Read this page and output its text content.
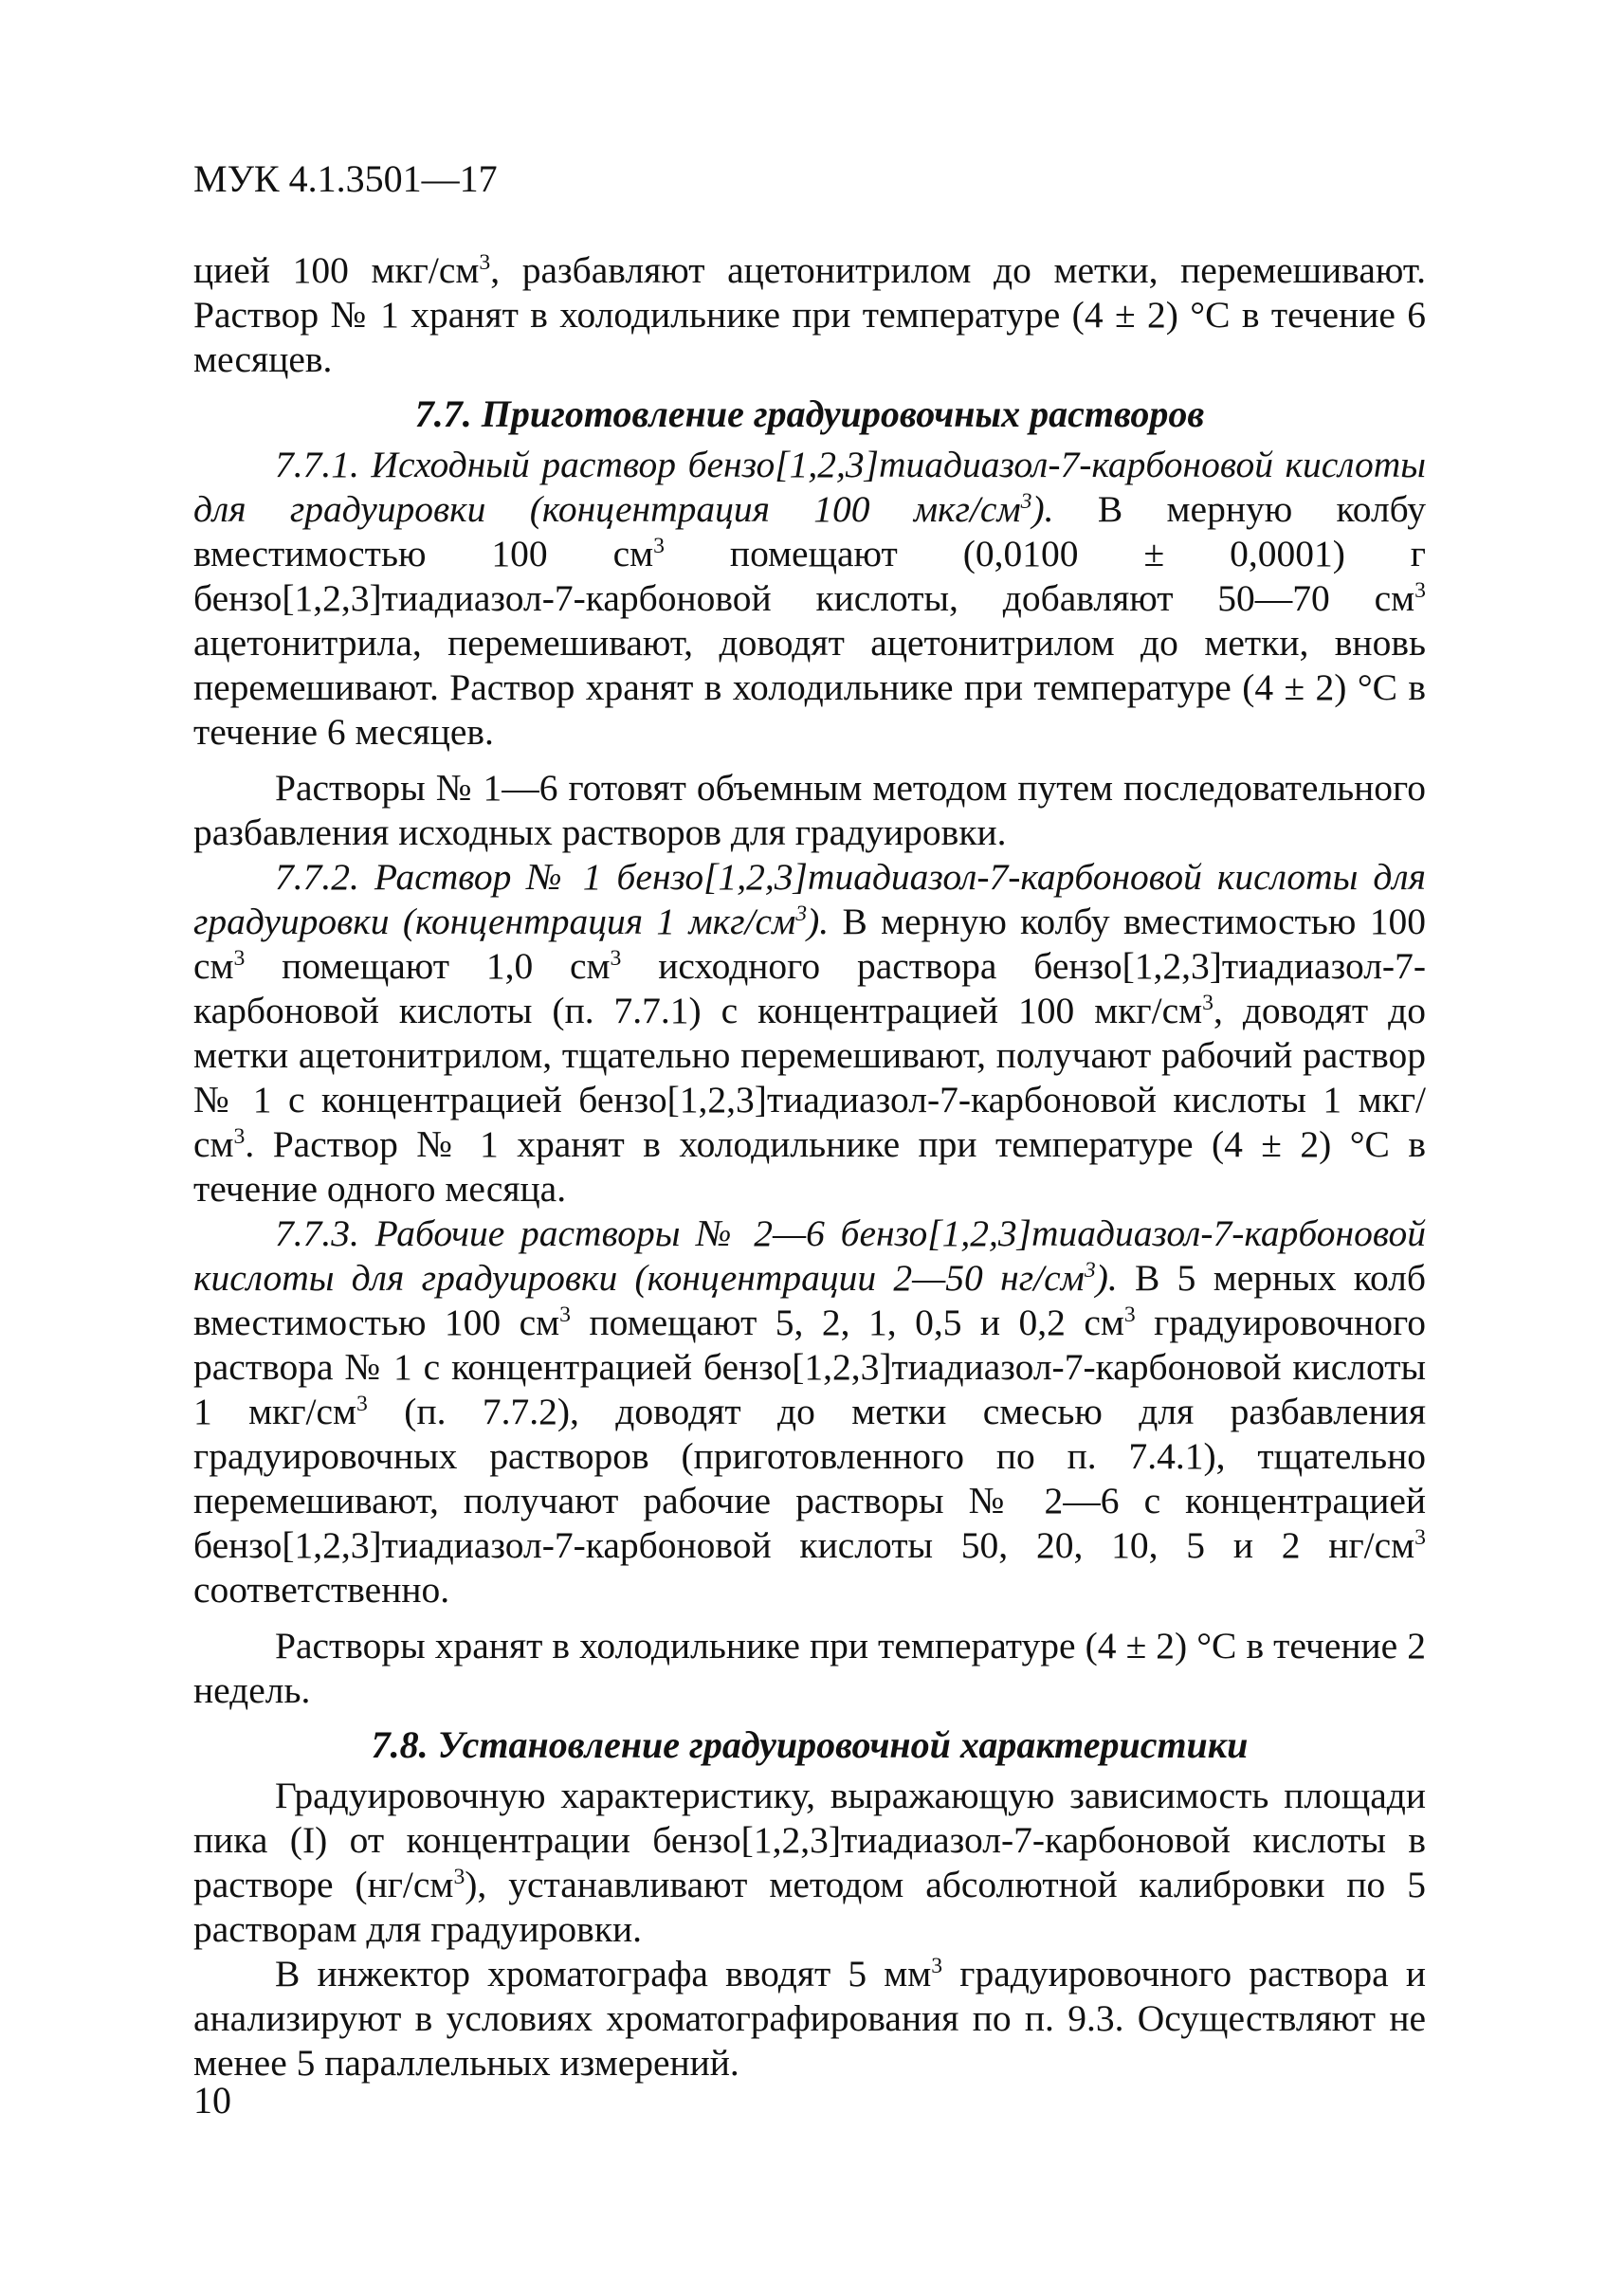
МУК 4.1.3501—17

цией 100 мкг/$см^3$, разбавляют ацетонитрилом до метки, перемешивают. Раствор № 1 хранят в холодильнике при температуре (4 ± 2) °С в течение 6 месяцев.

7.7. Приготовление градуировочных растворов

7.7.1. Исходный раствор бензо[1,2,3]тиадиазол-7-карбоновой кислоты для градуировки (концентрация 100 мкг/$см^3$). В мерную колбу вместимостью 100 $см^3$ помещают (0,0100 ± 0,0001) г бензо[1,2,3]тиадиазол-7-карбоновой кислоты, добавляют 50—70 $см^3$ ацетонитрила, перемешивают, доводят ацетонитрилом до метки, вновь перемешивают. Раствор хранят в холодильнике при температуре (4 ± 2) °С в течение 6 месяцев.

Растворы № 1—6 готовят объемным методом путем последовательного разбавления исходных растворов для градуировки.

7.7.2. Раствор № 1 бензо[1,2,3]тиадиазол-7-карбоновой кислоты для градуировки (концентрация 1 мкг/$см^3$). В мерную колбу вместимостью 100 $см^3$ помещают 1,0 $см^3$ исходного раствора бензо[1,2,3]тиадиазол-7-карбоновой кислоты (п. 7.7.1) с концентрацией 100 мкг/$см^3$, доводят до метки ацетонитрилом, тщательно перемешивают, получают рабочий раствор № 1 с концентрацией бензо[1,2,3]тиадиазол-7-карбоновой кислоты 1 мкг/$см^3$. Раствор № 1 хранят в холодильнике при температуре (4 ± 2) °С в течение одного месяца.

7.7.3. Рабочие растворы № 2—6 бензо[1,2,3]тиадиазол-7-карбоновой кислоты для градуировки (концентрации 2—50 $нг/см^3$). В 5 мерных колб вместимостью 100 $см^3$ помещают 5, 2, 1, 0,5 и 0,2 $см^3$ градуировочного раствора № 1 с концентрацией бензо[1,2,3]тиадиазол-7-карбоновой кислоты 1 мкг/$см^3$ (п. 7.7.2), доводят до метки смесью для разбавления градуировочных растворов (приготовленного по п. 7.4.1), тщательно перемешивают, получают рабочие растворы № 2—6 с концентрацией бензо[1,2,3]тиадиазол-7-карбоновой кислоты 50, 20, 10, 5 и 2 $нг/см^3$ соответственно.

Растворы хранят в холодильнике при температуре (4 ± 2) °С в течение 2 недель.

7.8. Установление градуировочной характеристики

Градуировочную характеристику, выражающую зависимость площади пика (I) от концентрации бензо[1,2,3]тиадиазол-7-карбоновой кислоты в растворе $(нг/см^3)$, устанавливают методом абсолютной калибровки по 5 растворам для градуировки.

В инжектор хроматографа вводят 5 $мм^3$ градуировочного раствора и анализируют в условиях хроматографирования по п. 9.3. Осуществляют не менее 5 параллельных измерений.

10
